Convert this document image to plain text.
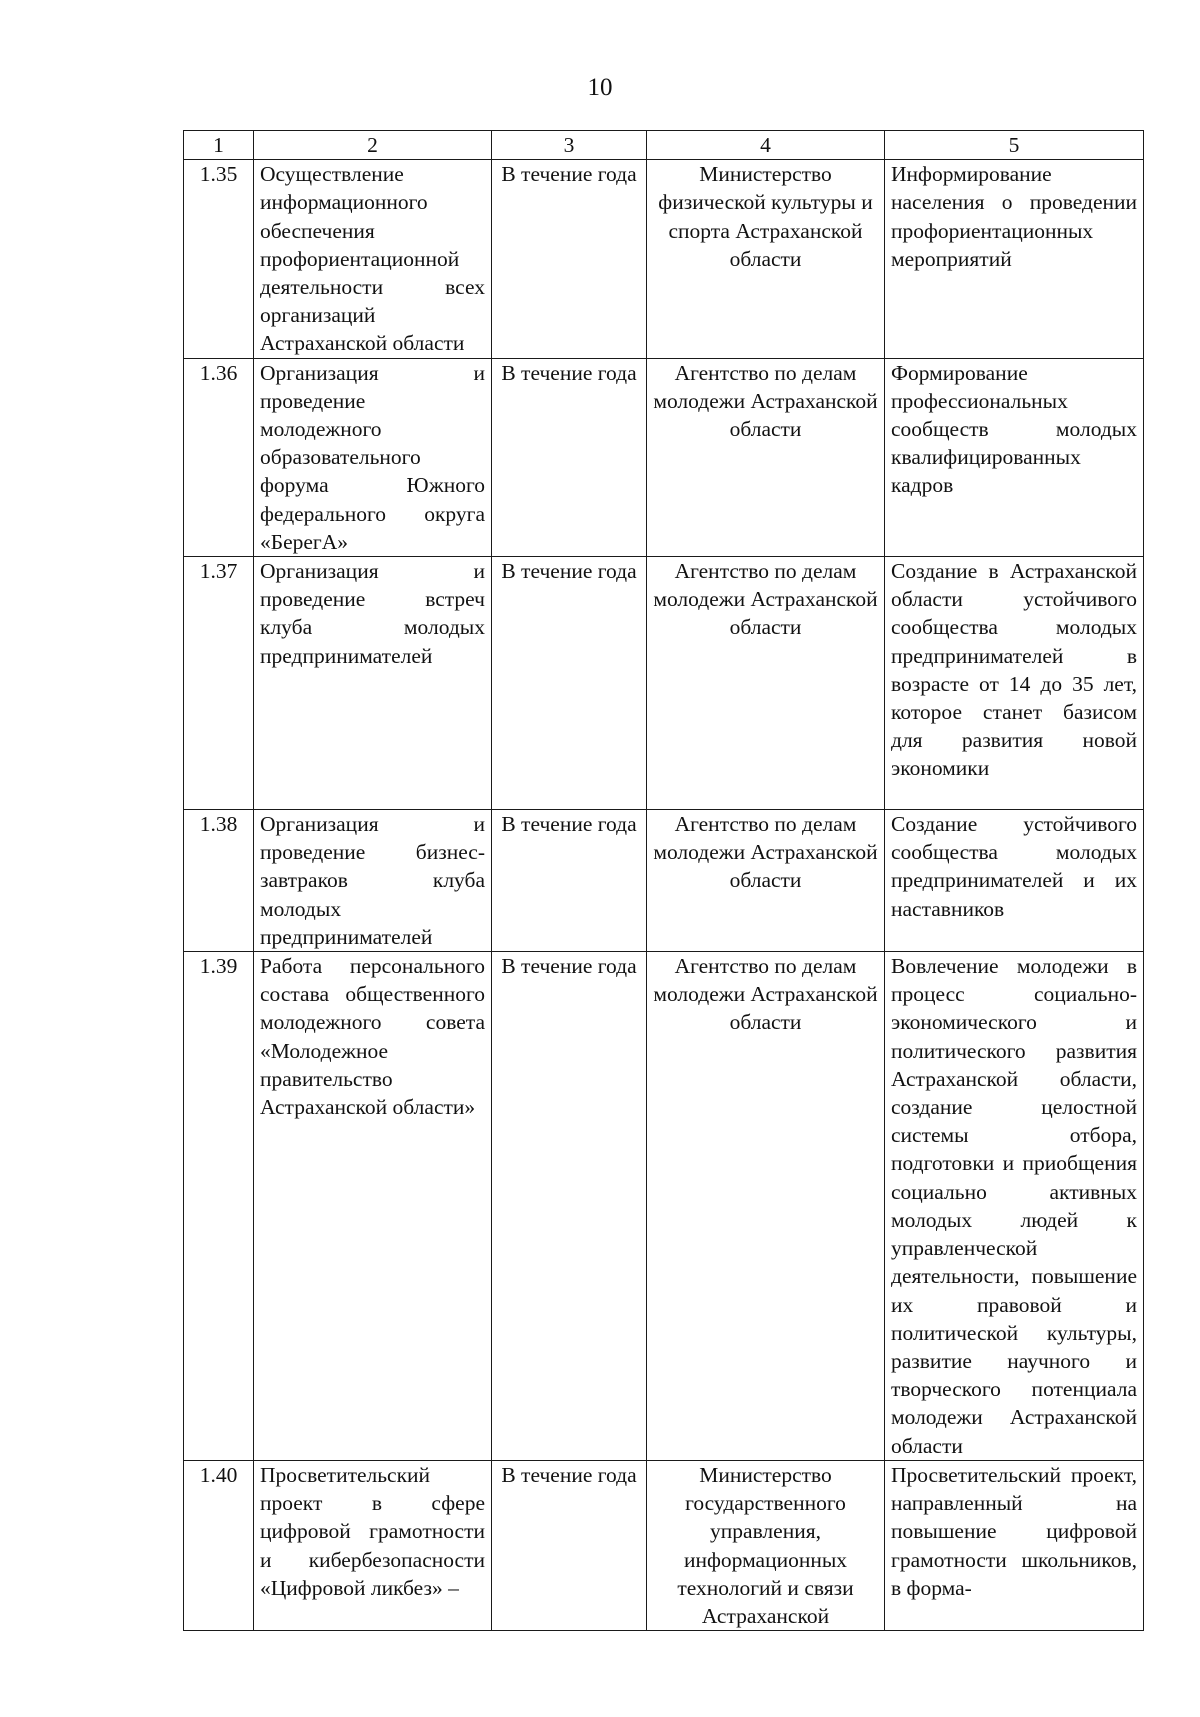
10
1	2	3	4	5
1.35	Осуществление информационного обеспечения профориентационной деятельности всех организаций Астраханской области	В течение года	Министерство физической культуры и спорта Астраханской области	Информирование населения о проведении профориентационных мероприятий
1.36	Организация и проведение молодежного образовательного форума Южного федерального округа «БерегА»	В течение года	Агентство по делам молодежи Астраханской области	Формирование профессиональных сообществ молодых квалифицированных кадров
1.37	Организация и проведение встреч клуба молодых предпринимателей	В течение года	Агентство по делам молодежи Астраханской области	Создание в Астраханской области устойчивого сообщества молодых предпринимателей в возрасте от 14 до 35 лет, которое станет базисом для развития новой экономики
1.38	Организация и проведение бизнес-завтраков клуба молодых предпринимателей	В течение года	Агентство по делам молодежи Астраханской области	Создание устойчивого сообщества молодых предпринимателей и их наставников
1.39	Работа персонального состава общественного молодежного совета «Молодежное правительство Астраханской области»	В течение года	Агентство по делам молодежи Астраханской области	Вовлечение молодежи в процесс социально-экономического и политического развития Астраханской области, создание целостной системы отбора, подготовки и приобщения социально активных молодых людей к управленческой деятельности, повышение их правовой и политической культуры, развитие научного и творческого потенциала молодежи Астраханской области
1.40	Просветительский проект в сфере цифровой грамотности и кибербезопасности «Цифровой ликбез» –	В течение года	Министерство государственного управления, информационных технологий и связи Астраханской	Просветительский проект, направленный на повышение цифровой грамотности школьников, в форма-
